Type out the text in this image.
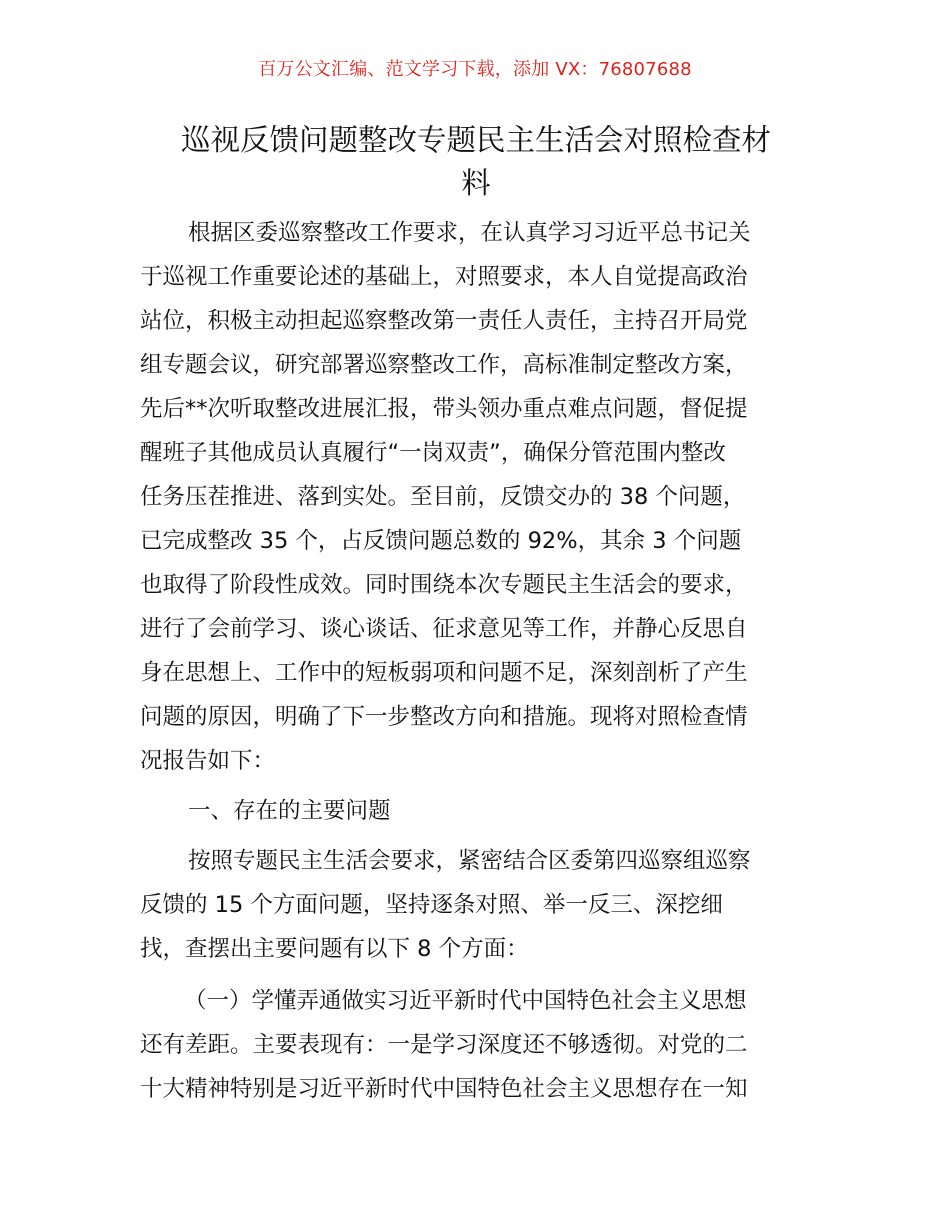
百万公文汇编、范文学习下载，添加 VX：76807688
巡视反馈问题整改专题民主生活会对照检查材
料
根据区委巡察整改工作要求，在认真学习习近平总书记关
于巡视工作重要论述的基础上，对照要求，本人自觉提高政治
站位，积极主动担起巡察整改第一责任人责任，主持召开局党
组专题会议，研究部署巡察整改工作，高标准制定整改方案，
先后**次听取整改进展汇报，带头领办重点难点问题，督促提
醒班子其他成员认真履行“一岗双责”，确保分管范围内整改
任务压茬推进、落到实处。至目前，反馈交办的 38 个问题，
已完成整改 35 个，占反馈问题总数的 92%，其余 3 个问题
也取得了阶段性成效。同时围绕本次专题民主生活会的要求，
进行了会前学习、谈心谈话、征求意见等工作，并静心反思自
身在思想上、工作中的短板弱项和问题不足，深刻剖析了产生
问题的原因，明确了下一步整改方向和措施。现将对照检查情
况报告如下：
一、存在的主要问题
按照专题民主生活会要求，紧密结合区委第四巡察组巡察
反馈的 15 个方面问题，坚持逐条对照、举一反三、深挖细
找，查摆出主要问题有以下 8 个方面：
（一）学懂弄通做实习近平新时代中国特色社会主义思想
还有差距。主要表现有：一是学习深度还不够透彻。对党的二
十大精神特别是习近平新时代中国特色社会主义思想存在一知
